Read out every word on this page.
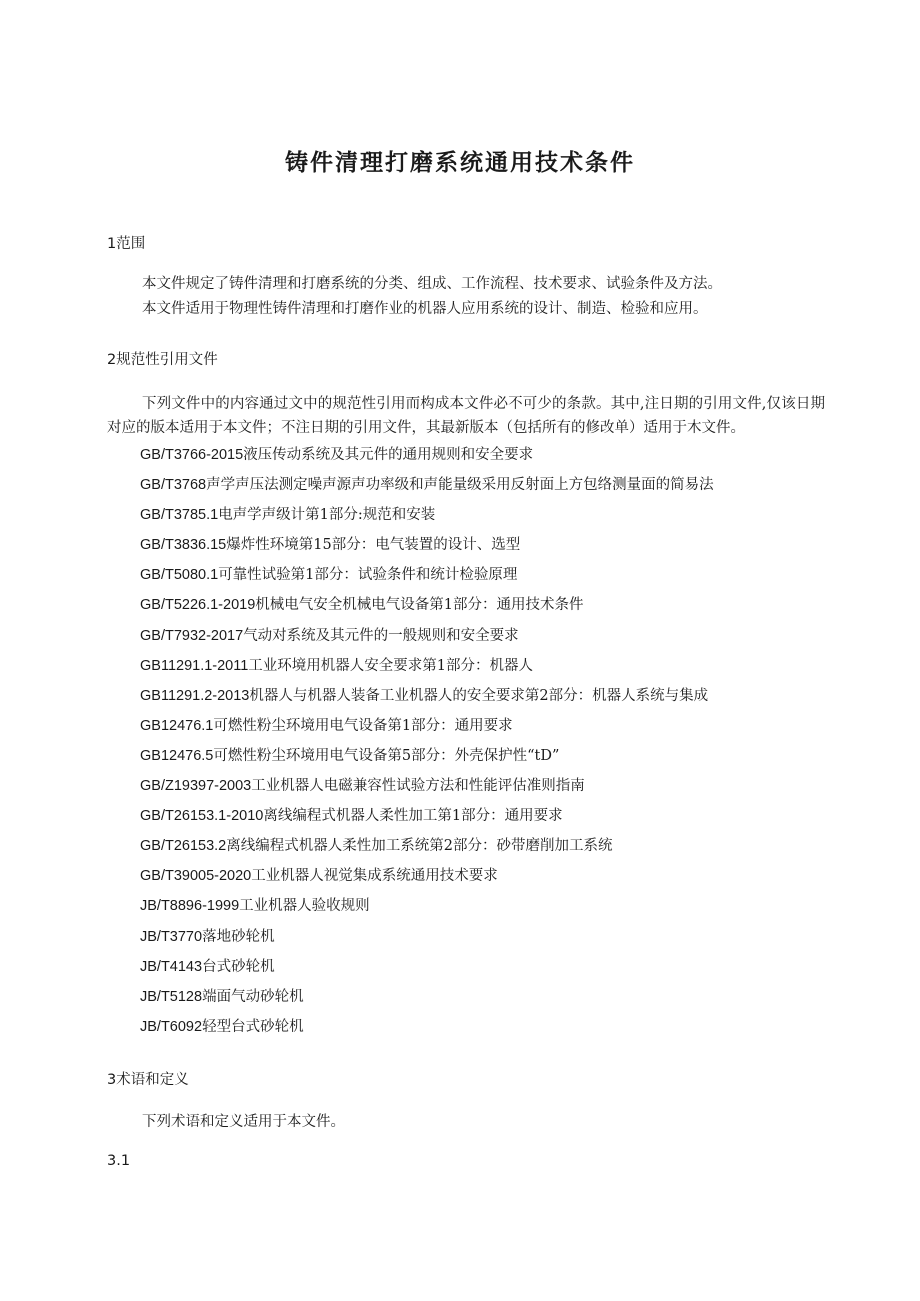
铸件清理打磨系统通用技术条件
1范围
本文件规定了铸件清理和打磨系统的分类、组成、工作流程、技术要求、试验条件及方法。
本文件适用于物理性铸件清理和打磨作业的机器人应用系统的设计、制造、检验和应用。
2规范性引用文件
下列文件中的内容通过文中的规范性引用而构成本文件必不可少的条款。其中,注日期的引用文件,仅该日期对应的版本适用于本文件；不注日期的引用文件，其最新版本（包括所有的修改单）适用于木文件。
GB/T3766-2015液压传动系统及其元件的通用规则和安全要求
GB/T3768声学声压法测定噪声源声功率级和声能量级采用反射面上方包络测量面的简易法
GB/T3785.1电声学声级计第1部分:规范和安装
GB/T3836.15爆炸性环境第15部分：电气装置的设计、选型
GB/T5080.1可靠性试验第1部分：试验条件和统计检验原理
GB/T5226.1-2019机械电气安全机械电气设备第1部分：通用技术条件
GB/T7932-2017气动对系统及其元件的一般规则和安全要求
GB11291.1-2011工业环境用机器人安全要求第1部分：机器人
GB11291.2-2013机器人与机器人装备工业机器人的安全要求第2部分：机器人系统与集成
GB12476.1可燃性粉尘环境用电气设备第1部分：通用要求
GB12476.5可燃性粉尘环境用电气设备第5部分：外壳保护性“tD”
GB/Z19397-2003工业机器人电磁兼容性试验方法和性能评估准则指南
GB/T26153.1-2010离线编程式机器人柔性加工第1部分：通用要求
GB/T26153.2离线编程式机器人柔性加工系统第2部分：砂带磨削加工系统
GB/T39005-2020工业机器人视觉集成系统通用技术要求
JB/T8896-1999工业机器人验收规则
JB/T3770落地砂轮机
JB/T4143台式砂轮机
JB/T5128端面气动砂轮机
JB/T6092轻型台式砂轮机
3术语和定义
下列术语和定义适用于本文件。
3.1
